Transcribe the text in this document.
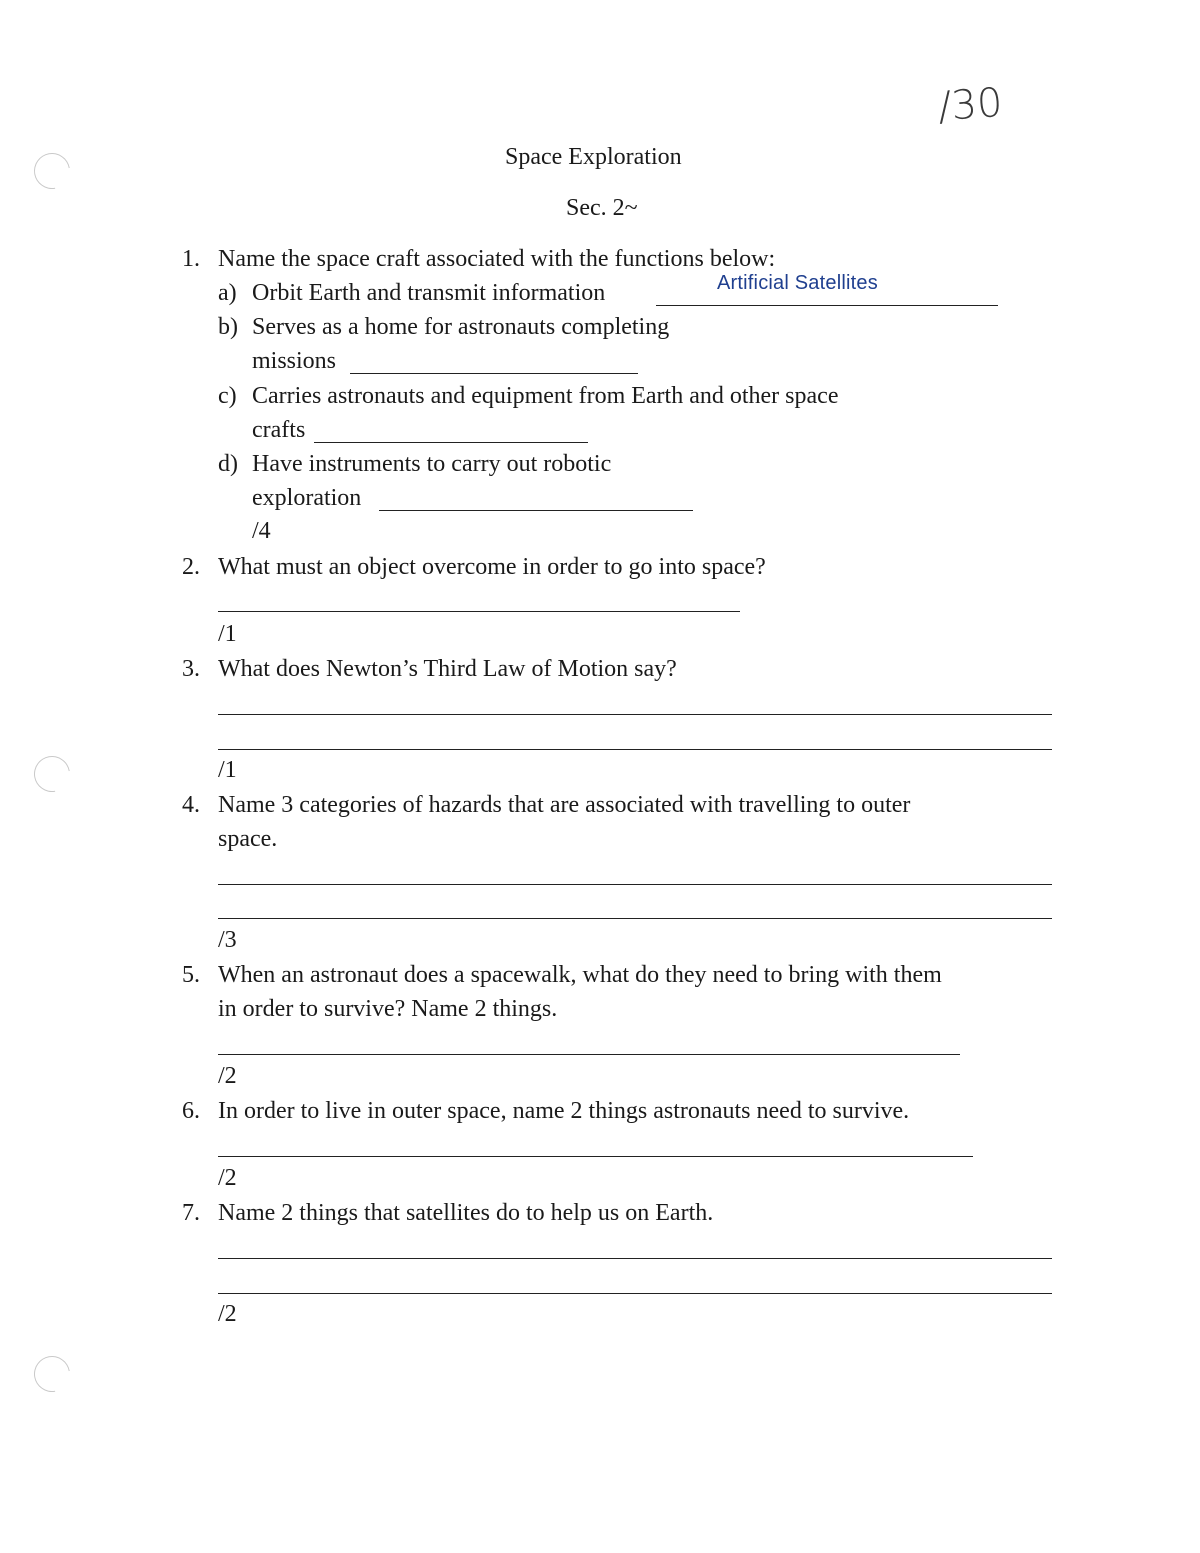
/30
Space Exploration
Sec. 2~
1. Name the space craft associated with the functions below:
a) Orbit Earth and transmit information	Artificial Satellites
b) Serves as a home for astronauts completing
missions
c) Carries astronauts and equipment from Earth and other space
crafts
d) Have instruments to carry out robotic
exploration
/4
2. What must an object overcome in order to go into space?
/1
3. What does Newton’s Third Law of Motion say?
/1
4. Name 3 categories of hazards that are associated with travelling to outer
space.
/3
5. When an astronaut does a spacewalk, what do they need to bring with them
in order to survive? Name 2 things.
/2
6. In order to live in outer space, name 2 things astronauts need to survive.
/2
7. Name 2 things that satellites do to help us on Earth.
/2
